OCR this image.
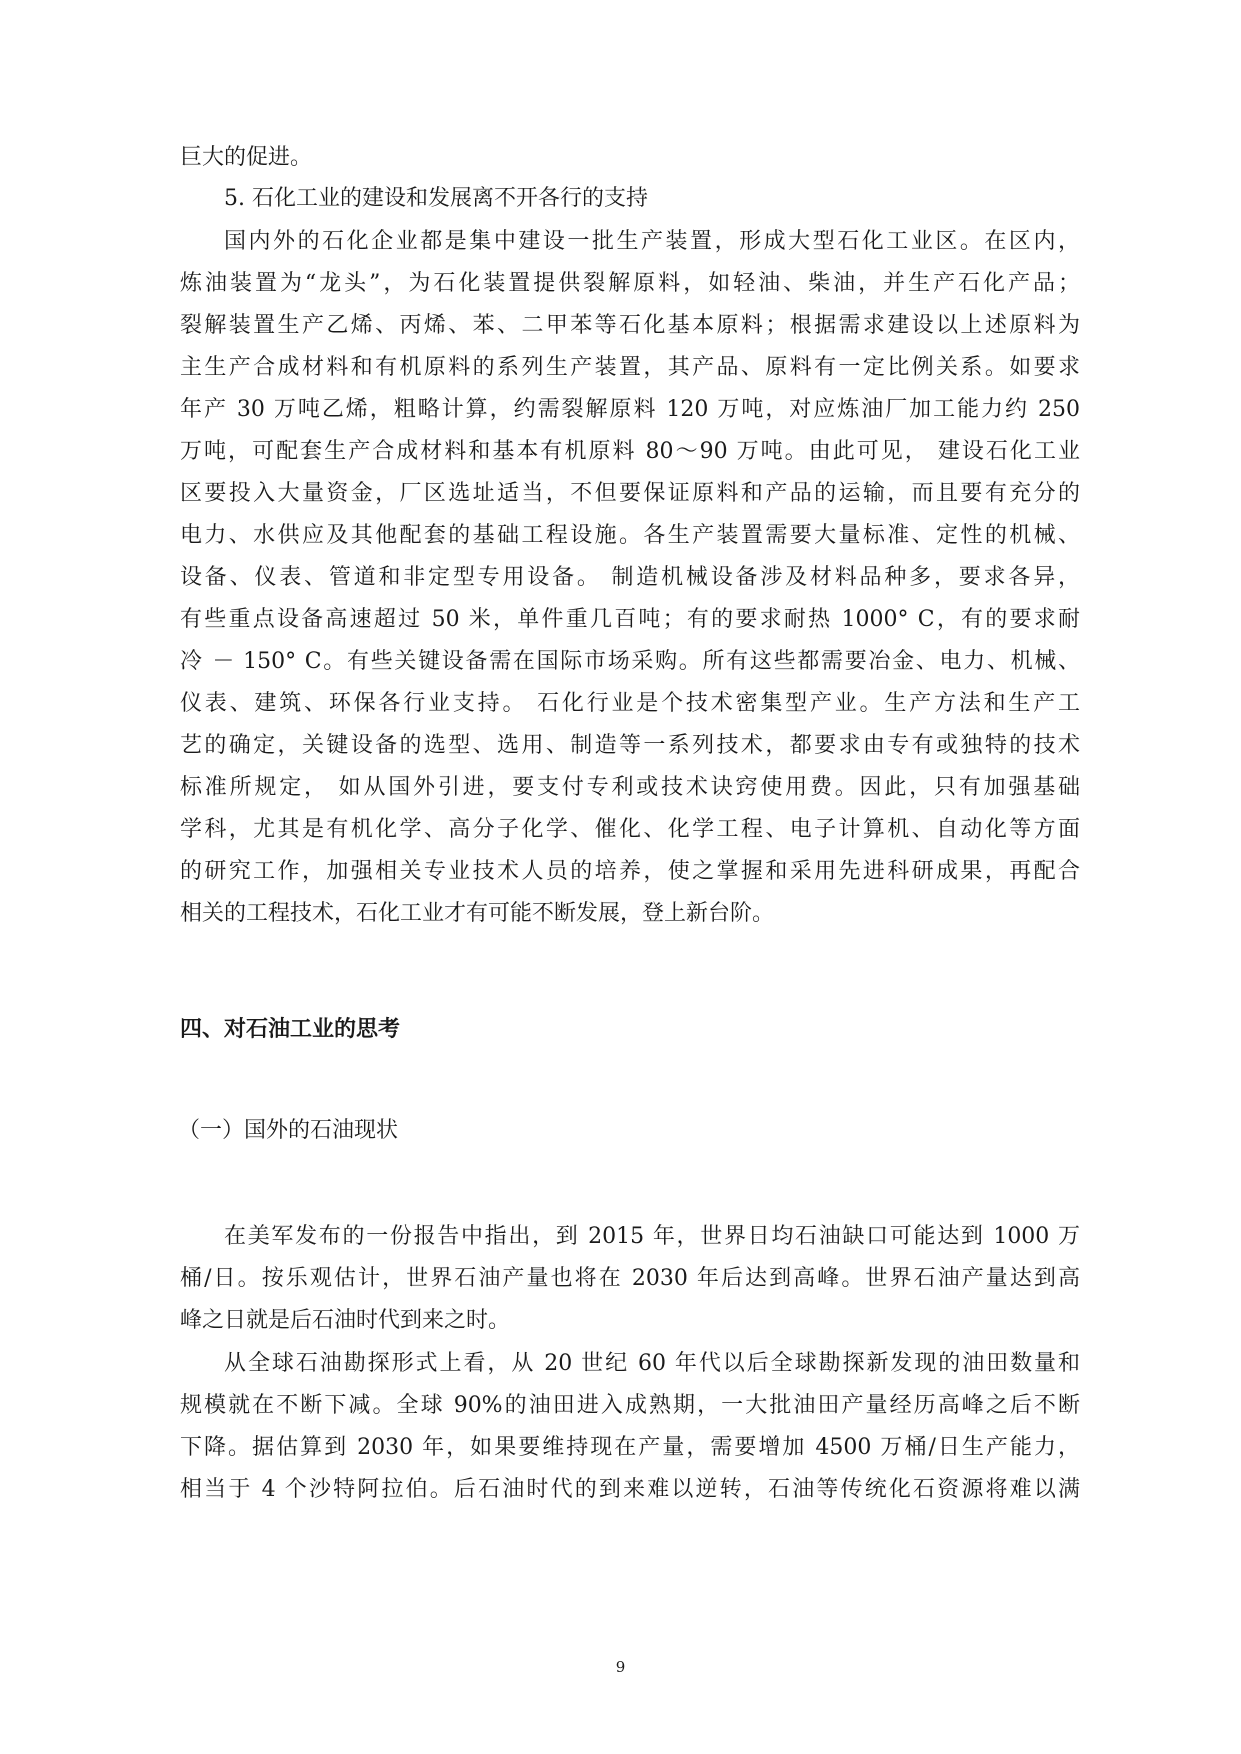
巨大的促进。
5. 石化工业的建设和发展离不开各行的支持
国内外的石化企业都是集中建设一批生产装置，形成大型石化工业区。在区内，
炼油装置为“龙头”，为石化装置提供裂解原料，如轻油、柴油，并生产石化产品；
裂解装置生产乙烯、丙烯、苯、二甲苯等石化基本原料；根据需求建设以上述原料为
主生产合成材料和有机原料的系列生产装置，其产品、原料有一定比例关系。如要求
年产 30 万吨乙烯，粗略计算，约需裂解原料 120 万吨，对应炼油厂加工能力约 250
万吨，可配套生产合成材料和基本有机原料 80～90 万吨。由此可见， 建设石化工业
区要投入大量资金，厂区选址适当，不但要保证原料和产品的运输，而且要有充分的
电力、水供应及其他配套的基础工程设施。各生产装置需要大量标准、定性的机械、
设备、仪表、管道和非定型专用设备。 制造机械设备涉及材料品种多，要求各异，
有些重点设备高速超过 50 米，单件重几百吨；有的要求耐热 1000° C，有的要求耐
冷 － 150° C。有些关键设备需在国际市场采购。所有这些都需要冶金、电力、机械、
仪表、建筑、环保各行业支持。 石化行业是个技术密集型产业。生产方法和生产工
艺的确定，关键设备的选型、选用、制造等一系列技术，都要求由专有或独特的技术
标准所规定， 如从国外引进，要支付专利或技术诀窍使用费。因此，只有加强基础
学科，尤其是有机化学、高分子化学、催化、化学工程、电子计算机、自动化等方面
的研究工作，加强相关专业技术人员的培养，使之掌握和采用先进科研成果，再配合
相关的工程技术，石化工业才有可能不断发展，登上新台阶。
四、对石油工业的思考
（一）国外的石油现状
在美军发布的一份报告中指出，到 2015 年，世界日均石油缺口可能达到 1000 万
桶/日。按乐观估计，世界石油产量也将在 2030 年后达到高峰。世界石油产量达到高
峰之日就是后石油时代到来之时。
从全球石油勘探形式上看，从 20 世纪 60 年代以后全球勘探新发现的油田数量和
规模就在不断下减。全球 90%的油田进入成熟期，一大批油田产量经历高峰之后不断
下降。据估算到 2030 年，如果要维持现在产量，需要增加 4500 万桶/日生产能力，
相当于 4 个沙特阿拉伯。后石油时代的到来难以逆转，石油等传统化石资源将难以满
9
